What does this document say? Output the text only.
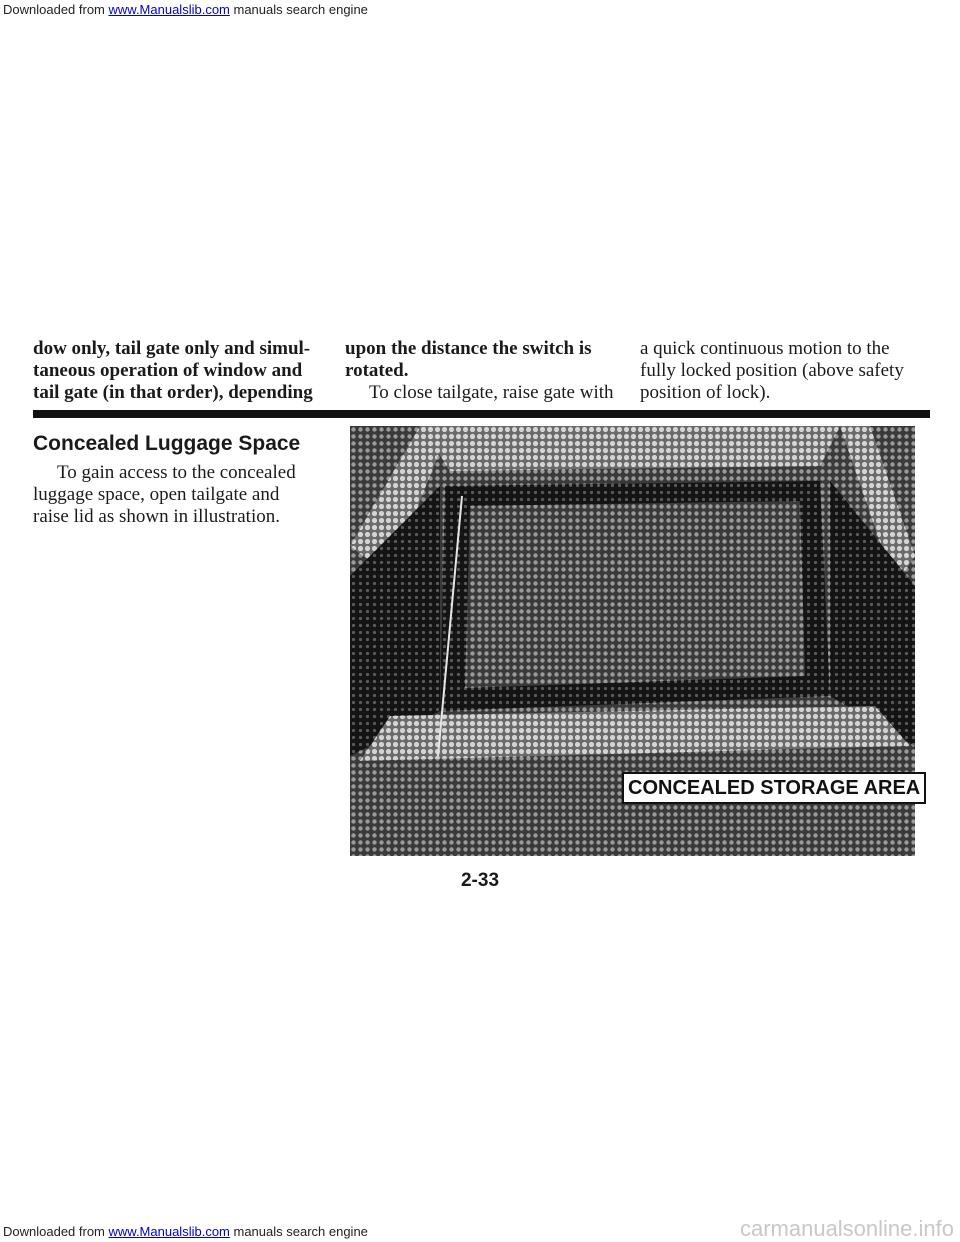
Downloaded from www.Manualslib.com manuals search engine

dow only, tail gate only and simul-

taneous operation of window and

tail gate (in that order), depending

upon the distance the switch is

rotated.

To close tailgate, raise gate with

a quick continuous motion to the

fully locked position (above safety

position of lock).

Concealed Luggage Space

To gain access to the concealed

luggage space, open tailgate and

raise lid as shown in illustration.

CONCEALED STORAGE AREA
2-33
Downloaded from www.Manualslib.com manuals search engine	carmanualsonline.info
